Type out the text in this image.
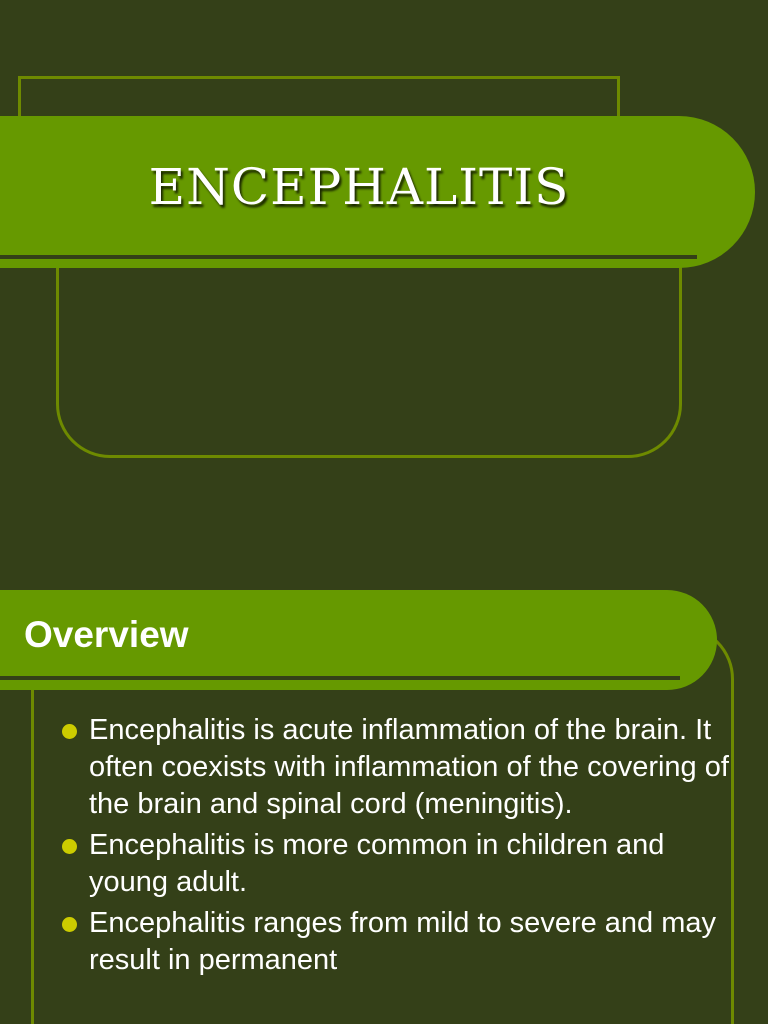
ENCEPHALITIS
Overview
Encephalitis is acute inflammation of the brain. It often coexists with inflammation of the covering of the brain and spinal cord (meningitis).
Encephalitis is more common in children and young adult.
Encephalitis ranges from mild to severe and may result in permanent
